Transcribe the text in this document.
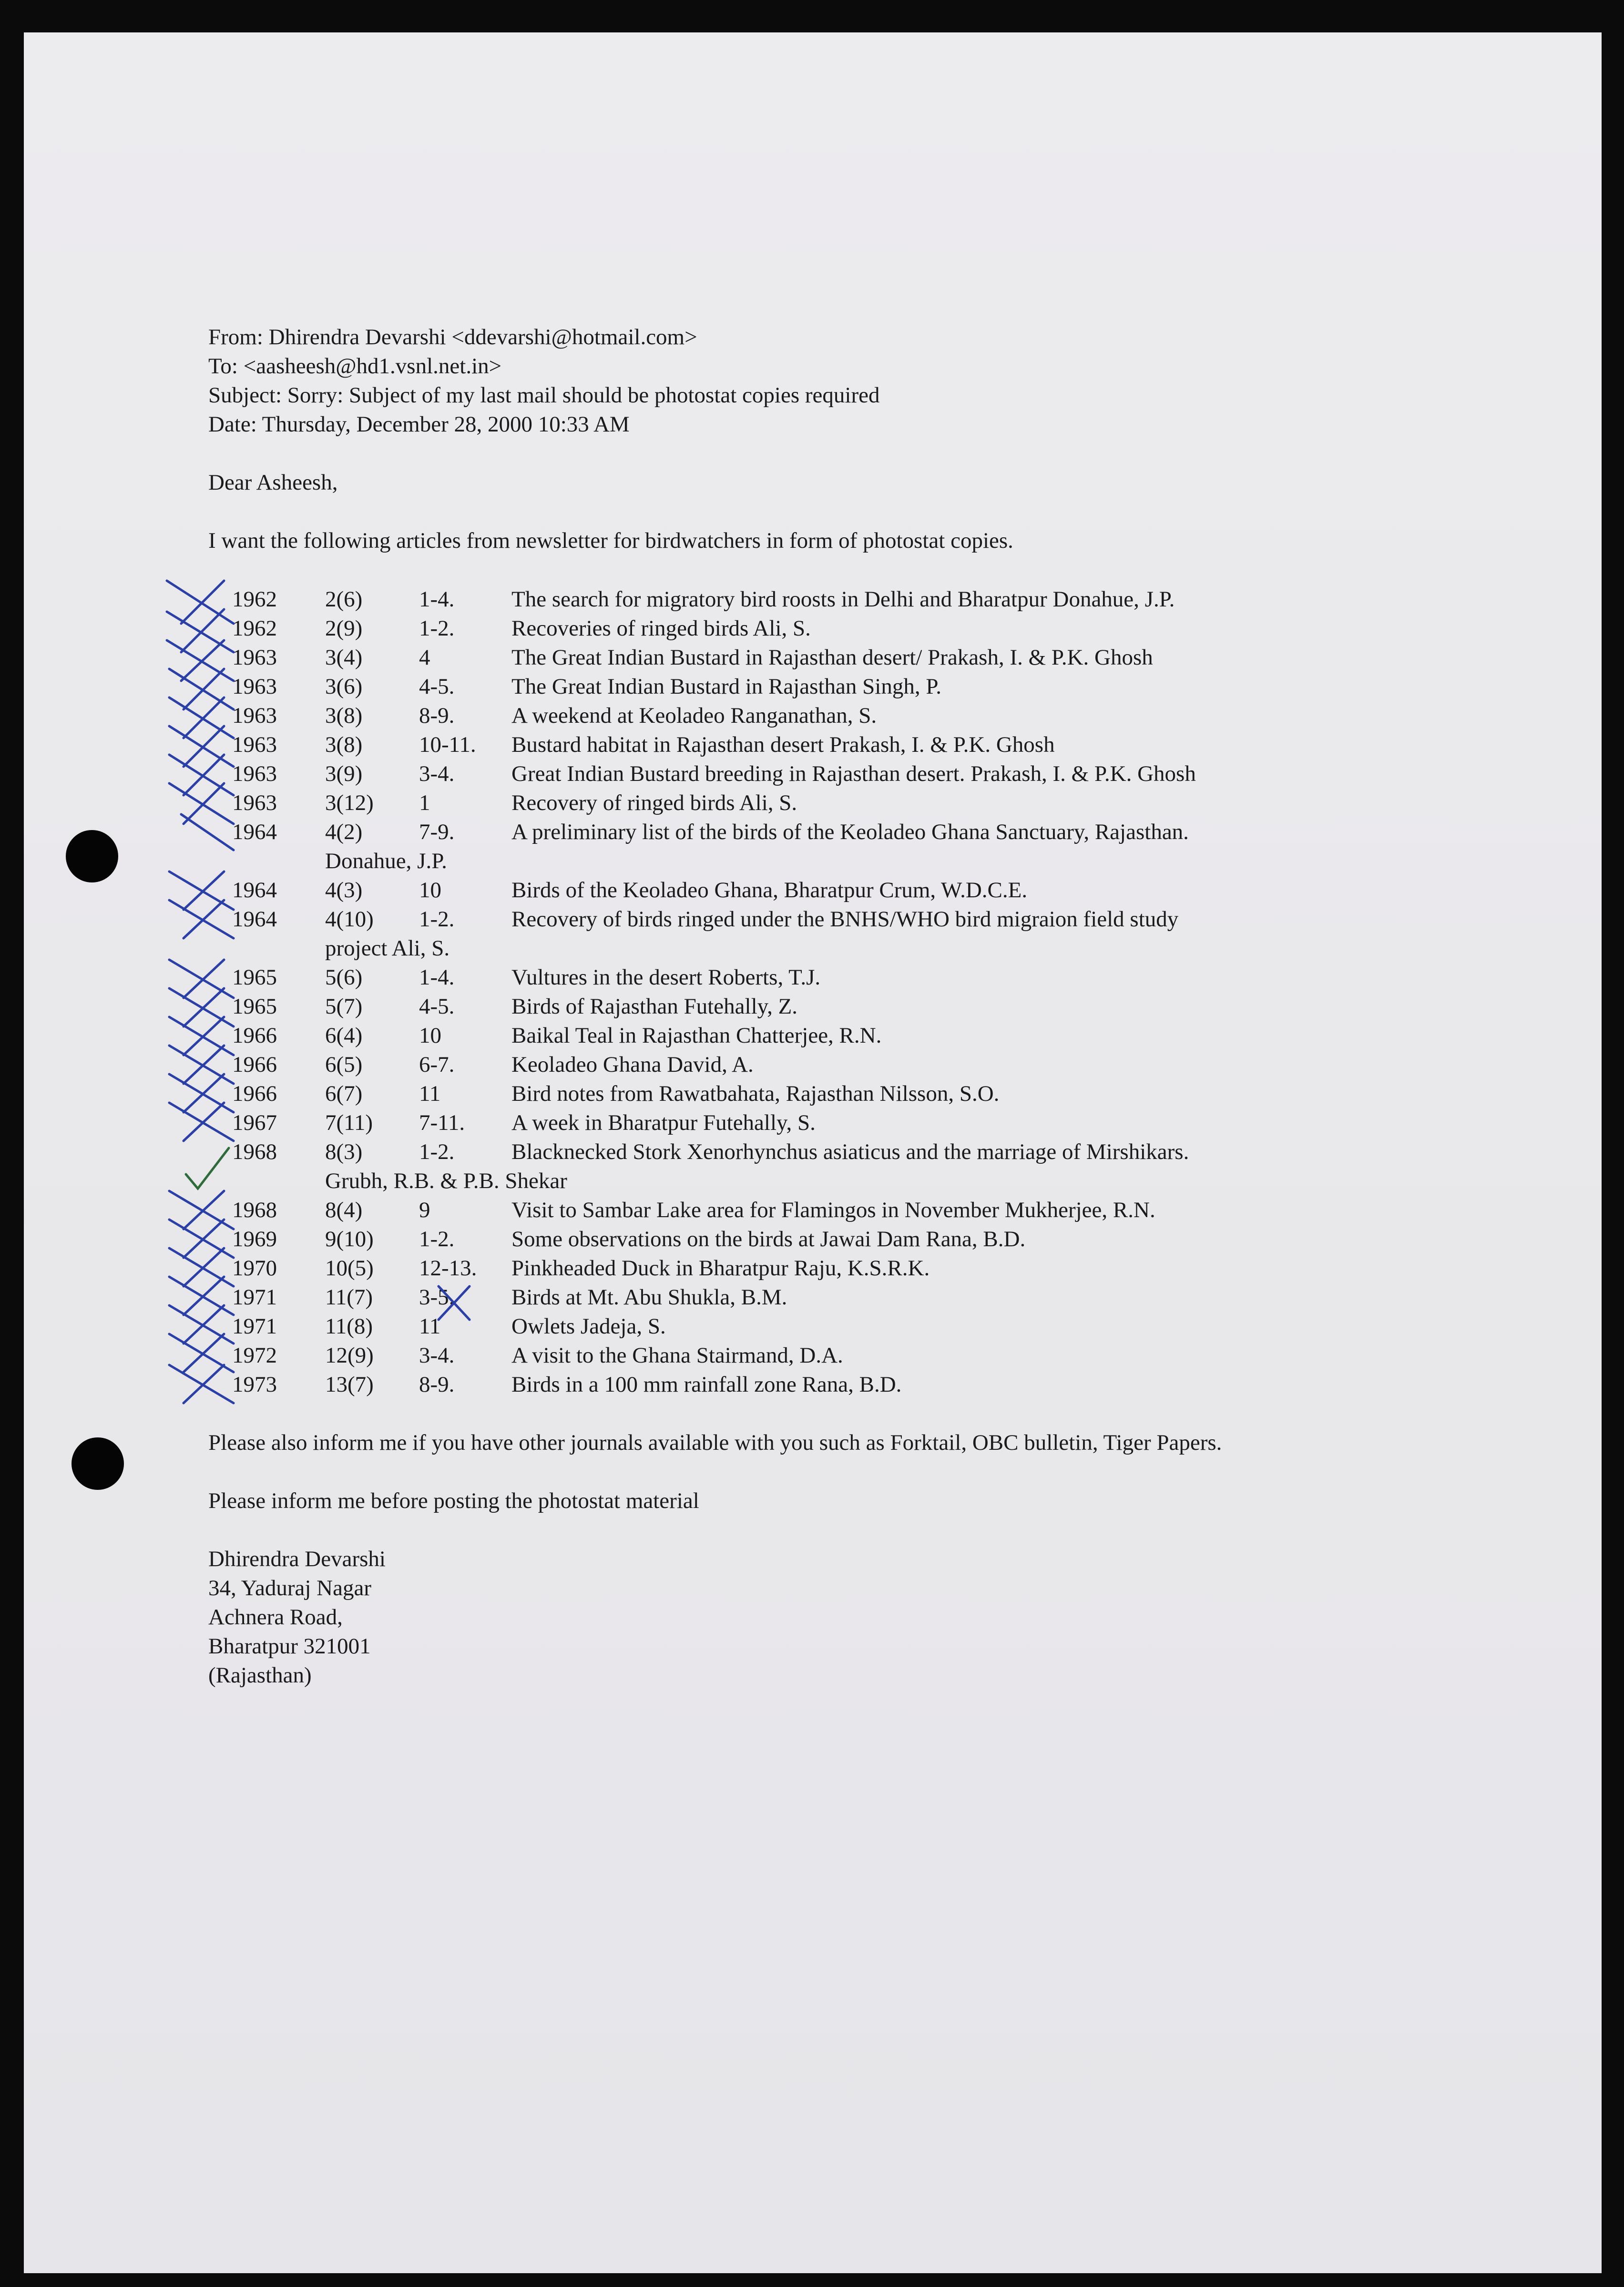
From: Dhirendra Devarshi <ddevarshi@hotmail.com>
To: <aasheesh@hd1.vsnl.net.in>
Subject: Sorry: Subject of my last mail should be photostat copies required
Date: Thursday, December 28, 2000 10:33 AM
Dear Asheesh,
I want the following articles from newsletter for birdwatchers in form of photostat copies.
1962 2(6)	1-4.	The search for migratory bird roosts in Delhi and Bharatpur Donahue, J.P.
1962 2(9)	1-2.	Recoveries of ringed birds Ali, S.
1963 3(4)	4	The Great Indian Bustard in Rajasthan desert/ Prakash, I. & P.K. Ghosh
1963 3(6)	4-5.	The Great Indian Bustard in Rajasthan Singh, P.
1963 3(8)	8-9.	A weekend at Keoladeo Ranganathan, S.
1963 3(8)	10-11. Bustard habitat in Rajasthan desert Prakash, I. & P.K. Ghosh
1963 3(9)	3-4.	Great Indian Bustard breeding in Rajasthan desert. Prakash, I. & P.K. Ghosh
1963 3(12) 1	Recovery of ringed birds Ali, S.
1964 4(2)	7-9.	A preliminary list of the birds of the Keoladeo Ghana Sanctuary, Rajasthan.
Donahue, J.P.
1964 4(3)	10	Birds of the Keoladeo Ghana, Bharatpur Crum, W.D.C.E.
1964 4(10) 1-2.	Recovery of birds ringed under the BNHS/WHO bird migraion field study
project Ali, S.
1965 5(6)	1-4.	Vultures in the desert Roberts, T.J.
1965 5(7)	4-5.	Birds of Rajasthan Futehally, Z.
1966 6(4)	10	Baikal Teal in Rajasthan Chatterjee, R.N.
1966 6(5)	6-7.	Keoladeo Ghana David, A.
1966 6(7)	11	Bird notes from Rawatbahata, Rajasthan Nilsson, S.O.
1967 7(11) 7-11. A week in Bharatpur Futehally, S.
1968 8(3)	1-2.	Blacknecked Stork Xenorhynchus asiaticus and the marriage of Mirshikars.
Grubh, R.B. & P.B. Shekar
1968 8(4)	9	Visit to Sambar Lake area for Flamingos in November Mukherjee, R.N.
1969 9(10) 1-2.	Some observations on the birds at Jawai Dam Rana, B.D.
1970 10(5) 12-13. Pinkheaded Duck in Bharatpur Raju, K.S.R.K.
1971 11(7) 3-5.	Birds at Mt. Abu Shukla, B.M.
1971 11(8) 11	Owlets Jadeja, S.
1972 12(9) 3-4.	A visit to the Ghana Stairmand, D.A.
1973 13(7) 8-9.	Birds in a 100 mm rainfall zone Rana, B.D.
Please also inform me if you have other journals available with you such as Forktail, OBC bulletin, Tiger Papers.
Please inform me before posting the photostat material
Dhirendra Devarshi
34, Yaduraj Nagar
Achnera Road,
Bharatpur 321001
(Rajasthan)
